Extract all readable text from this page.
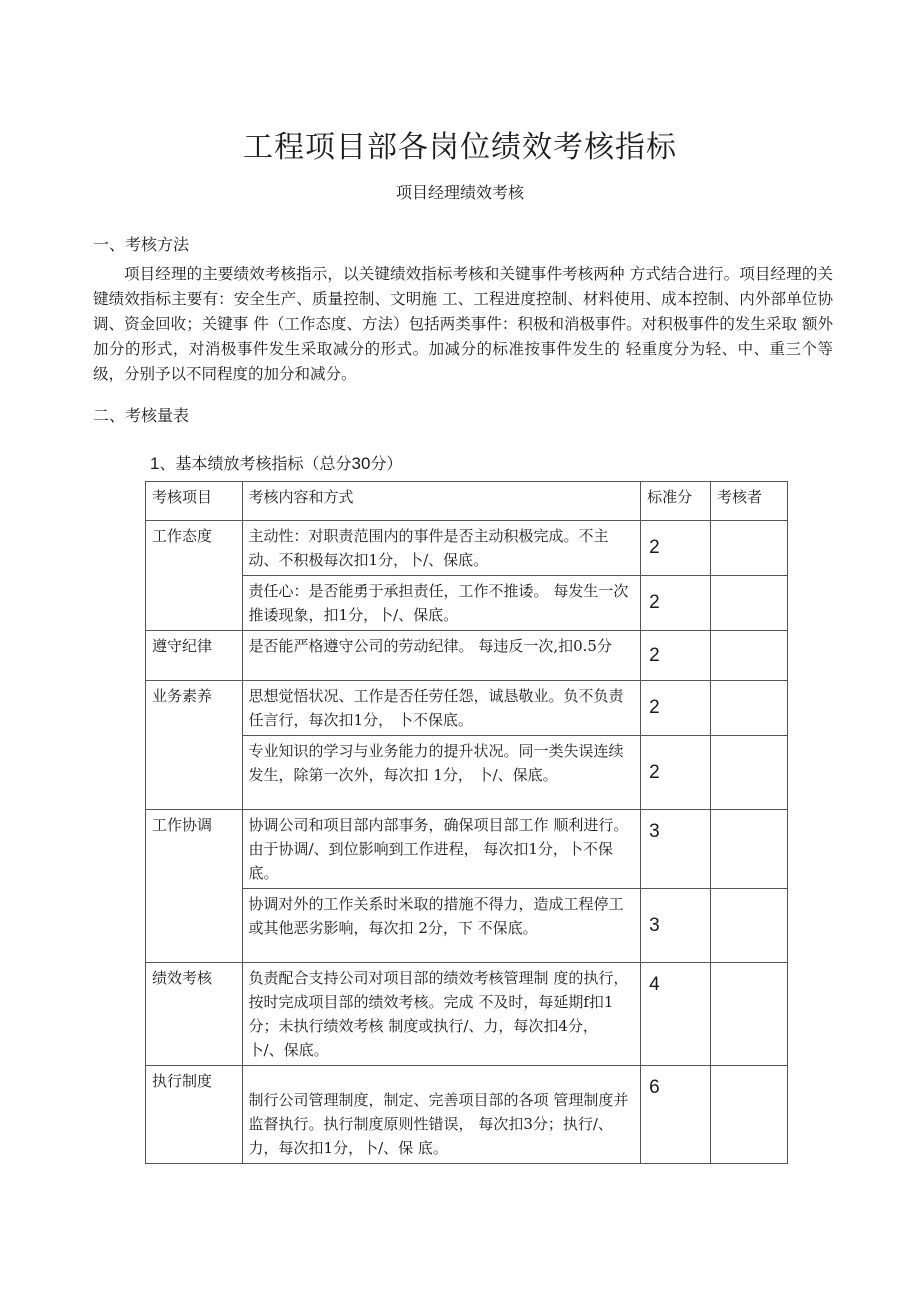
工程项目部各岗位绩效考核指标
项目经理绩效考核
一、考核方法
项目经理的主要绩效考核指示，以关键绩效指标考核和关键事件考核两种 方式结合进行。项目经理的关键绩效指标主要有：安全生产、质量控制、文明施 工、工程进度控制、材料使用、成本控制、内外部单位协调、资金回收；关键事 件（工作态度、方法）包括两类事件：积极和消极事件。对积极事件的发生采取 额外加分的形式，对消极事件发生采取减分的形式。加减分的标准按事件发生的 轻重度分为轻、中、重三个等级，分别予以不同程度的加分和减分。
二、考核量表
1、基本绩放考核指标（总分30分）
考核项目	考核内容和方式	标准分	考核者
工作态度	主动性：对职责范围内的事件是否主动积极完成。不主动、不积极每次扣1分，卜/、保底。	2	
	责任心：是否能勇于承担责任，工作不推诿。 每发生一次推诿现象，扣1分，卜/、保底。	2	
遵守纪律	是否能严格遵守公司的劳动纪律。 每违反一次,扣0.5分	2	
业务素养	思想觉悟状况、工作是否任劳任怨，诚恳敬业。负不负责任言行，每次扣1分， 卜不保底。	2	
	专业知识的学习与业务能力的提升状况。同一类失误连续发生，除第一次外，每次扣 1分， 卜/、保底。	2	
工作协调	协调公司和项目部内部事务，确保项目部工作 顺利进行。由于协调/、到位影响到工作进程， 每次扣1分，卜不保底。	3	
	协调对外的工作关系时米取的措施不得力，造成工程停工或其他恶劣影响，每次扣 2分，下 不保底。	3	
绩效考核	负责配合支持公司对项目部的绩效考核管理制 度的执行，按时完成项目部的绩效考核。完成 不及时，每延期f扣1分；未执行绩效考核 制度或执行/、力，每次扣4分， 卜/、保底。	4	
执行制度	制行公司管理制度，制定、完善项目部的各项 管理制度并监督执行。执行制度原则性错误， 每次扣3分；执行/、力，每次扣1分，卜/、保 底。	6	
